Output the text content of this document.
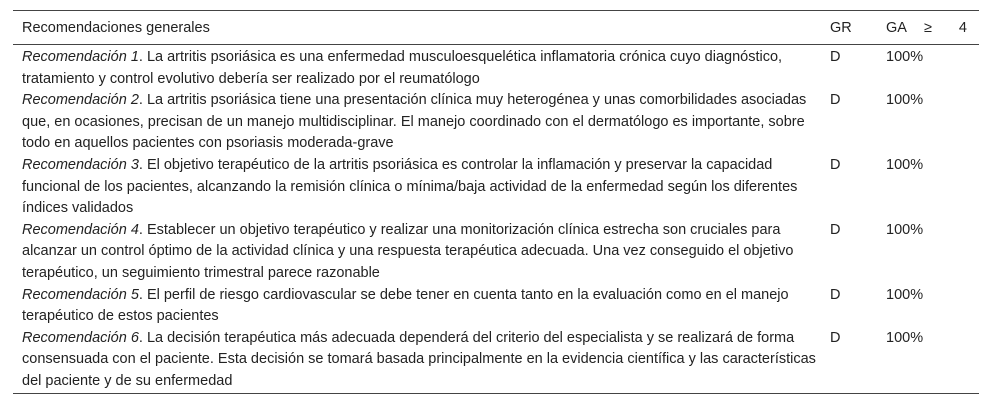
Recomendaciones generales	GR	GA ≥ 4

Recomendación 1. La artritis psoriásica es una enfermedad musculoesquelética inflamatoria crónica cuyo diagnóstico, tratamiento y control evolutivo debería ser realizado por el reumatólogo	D	100%
Recomendación 2. La artritis psoriásica tiene una presentación clínica muy heterogénea y unas comorbilidades asociadas que, en ocasiones, precisan de un manejo multidisciplinar. El manejo coordinado con el dermatólogo es importante, sobre todo en aquellos pacientes con psoriasis moderada-grave	D	100%
Recomendación 3. El objetivo terapéutico de la artritis psoriásica es controlar la inflamación y preservar la capacidad funcional de los pacientes, alcanzando la remisión clínica o mínima/baja actividad de la enfermedad según los diferentes índices validados	D	100%
Recomendación 4. Establecer un objetivo terapéutico y realizar una monitorización clínica estrecha son cruciales para alcanzar un control óptimo de la actividad clínica y una respuesta terapéutica adecuada. Una vez conseguido el objetivo terapéutico, un seguimiento trimestral parece razonable	D	100%
Recomendación 5. El perfil de riesgo cardiovascular se debe tener en cuenta tanto en la evaluación como en el manejo terapéutico de estos pacientes	D	100%
Recomendación 6. La decisión terapéutica más adecuada dependerá del criterio del especialista y se realizará de forma consensuada con el paciente. Esta decisión se tomará basada principalmente en la evidencia científica y las características del paciente y de su enfermedad	D	100%
